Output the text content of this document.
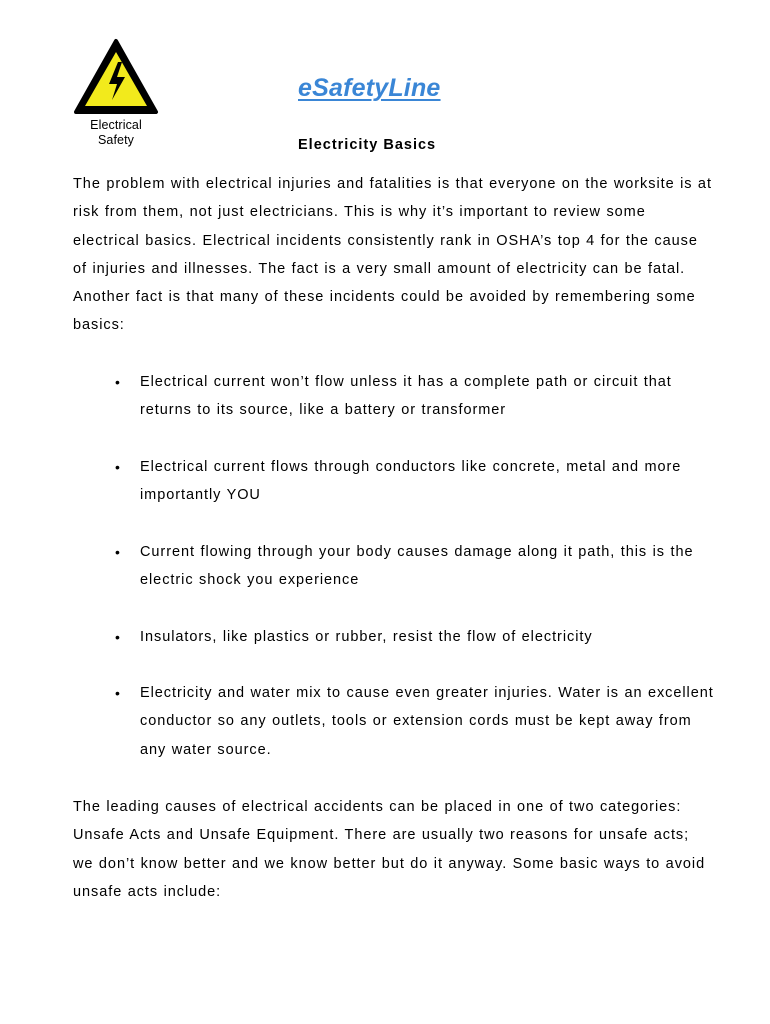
Electrical
Safety
eSafetyLine
Electricity Basics
The problem with electrical injuries and fatalities is that everyone on the worksite is at risk from them, not just electricians. This is why it’s important to review some electrical basics. Electrical incidents consistently rank in OSHA’s top 4 for the cause of injuries and illnesses. The fact is a very small amount of electricity can be fatal. Another fact is that many of these incidents could be avoided by remembering some basics:
• Electrical current won’t flow unless it has a complete path or circuit that returns to its source, like a battery or transformer
• Electrical current flows through conductors like concrete, metal and more importantly YOU
• Current flowing through your body causes damage along it path, this is the electric shock you experience
• Insulators, like plastics or rubber, resist the flow of electricity
• Electricity and water mix to cause even greater injuries. Water is an excellent conductor so any outlets, tools or extension cords must be kept away from any water source.
The leading causes of electrical accidents can be placed in one of two categories: Unsafe Acts and Unsafe Equipment. There are usually two reasons for unsafe acts; we don’t know better and we know better but do it anyway. Some basic ways to avoid unsafe acts include:
